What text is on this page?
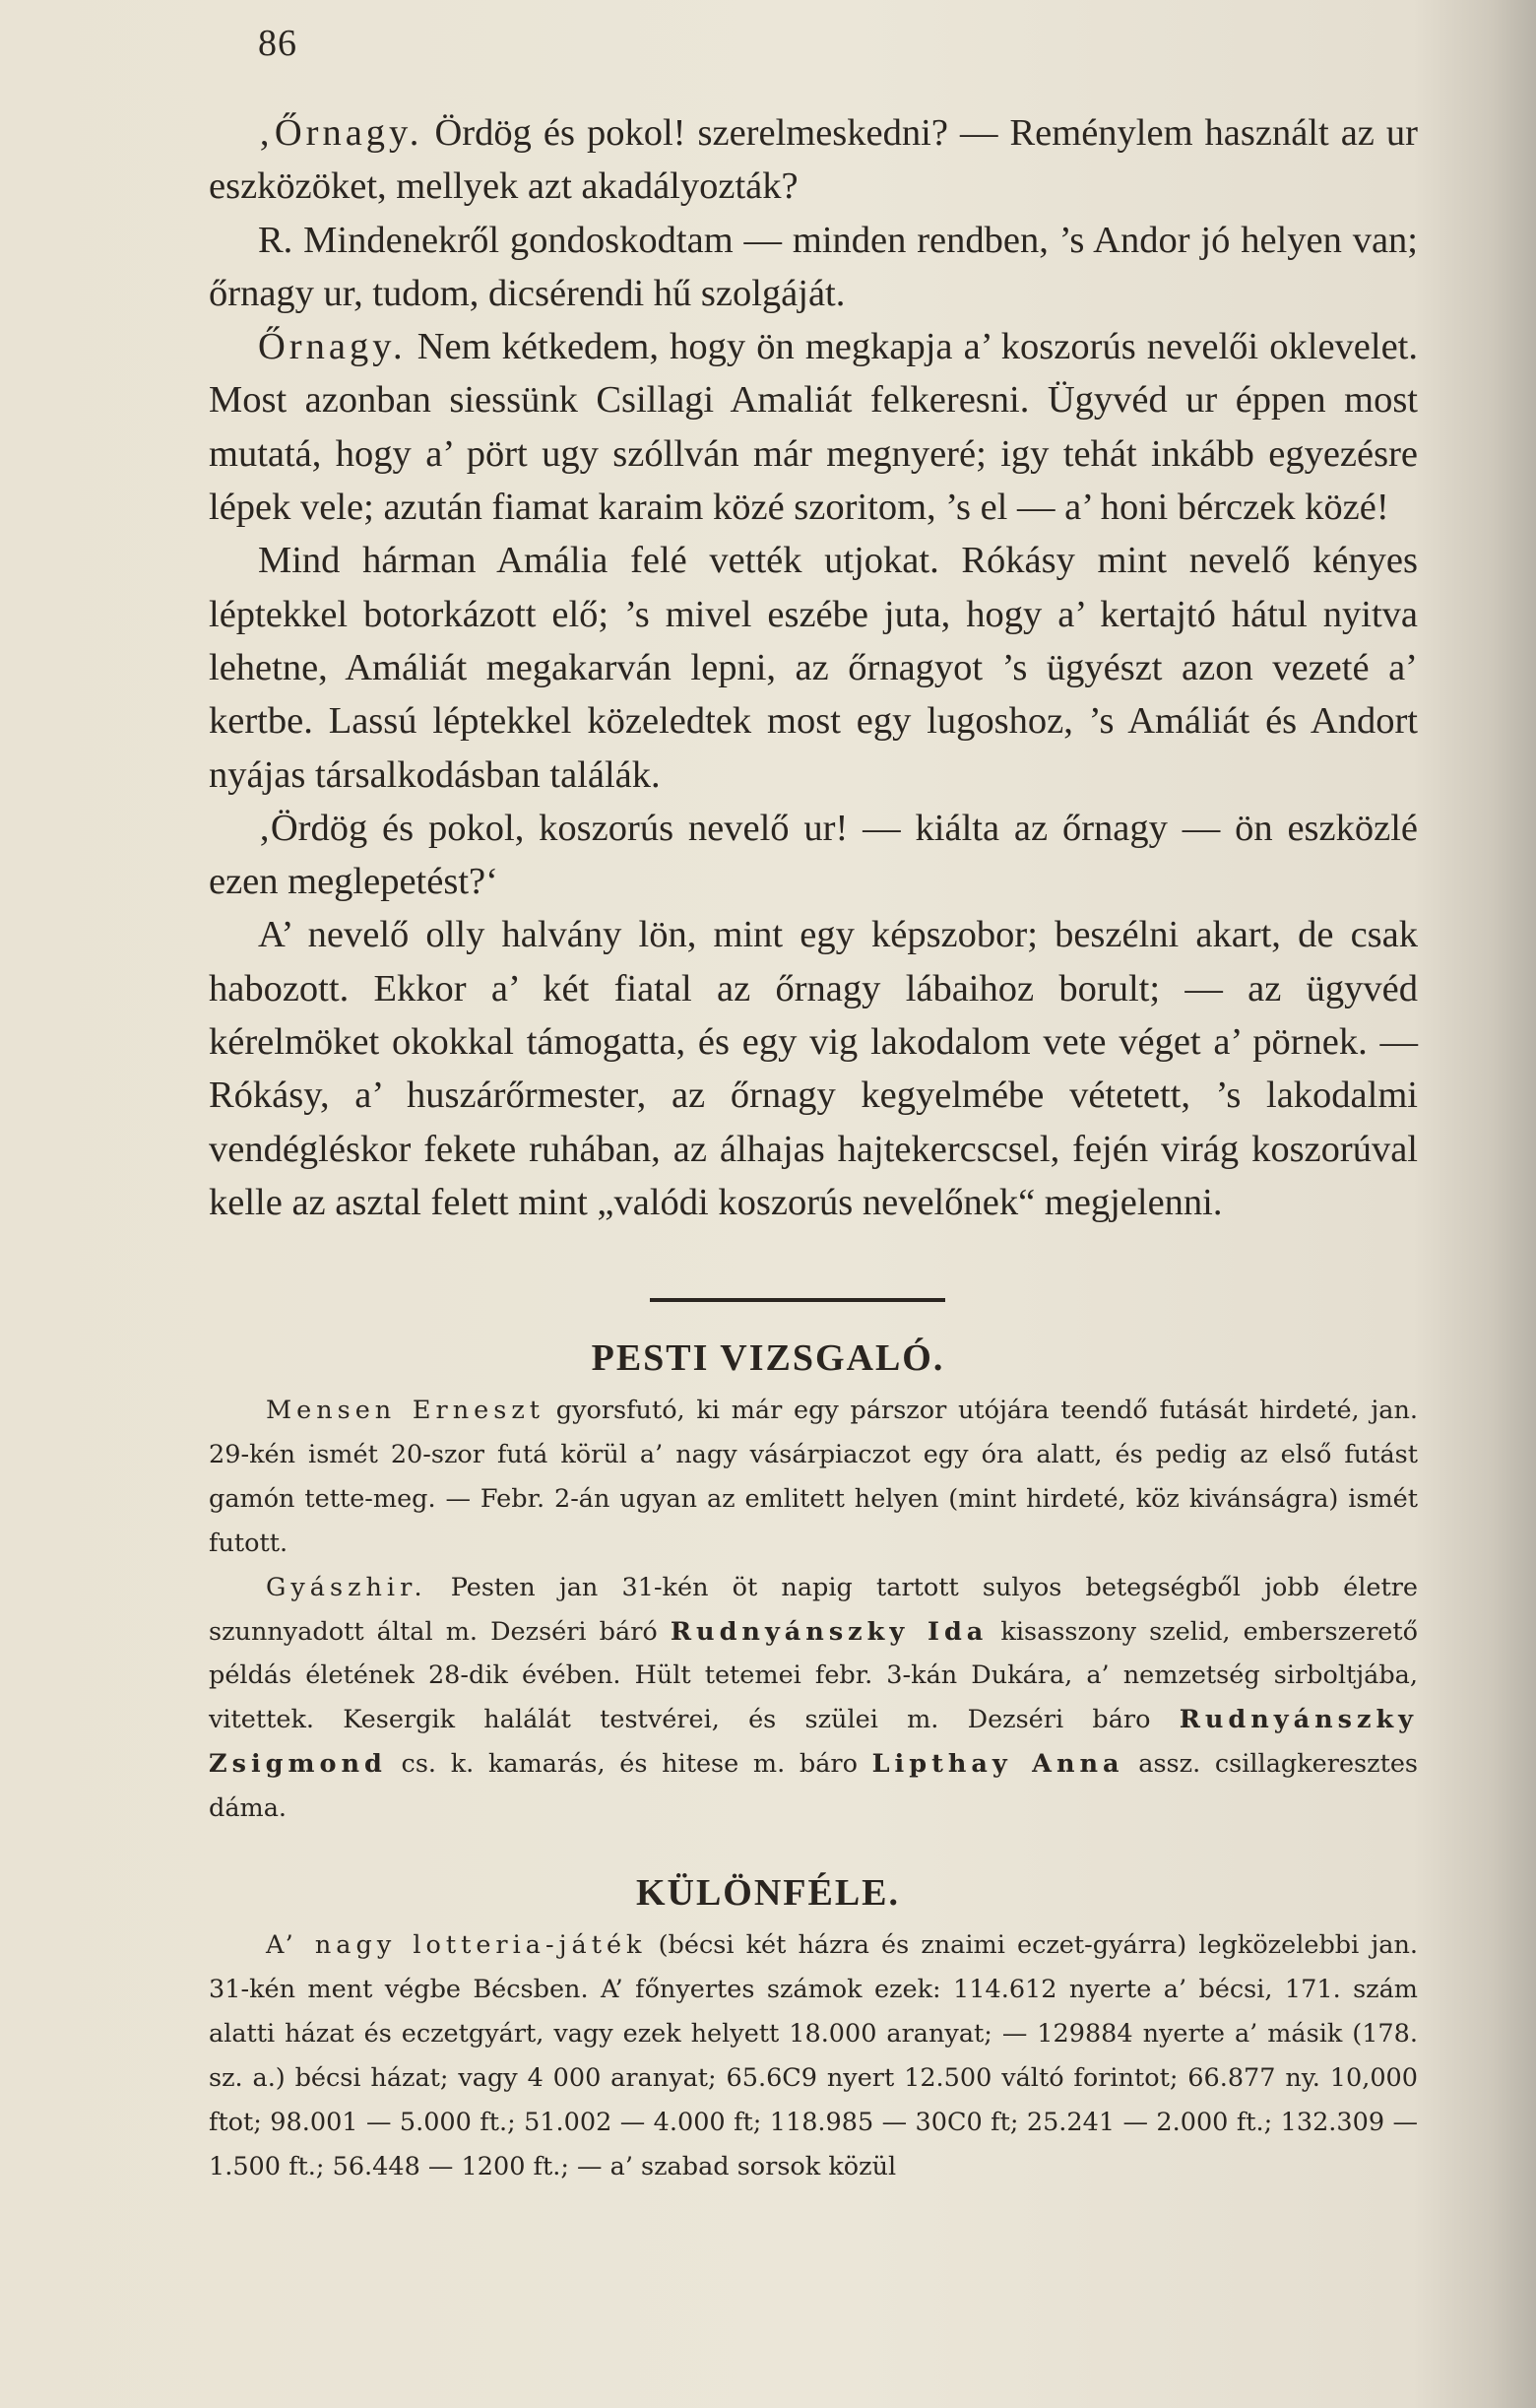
86

‚Őrnagy. Ördög és pokol! szerelmeskedni? — Reménylem használt az ur eszközöket, mellyek azt akadályozták?

R. Mindenekről gondoskodtam — minden rendben, ’s Andor jó helyen van; őrnagy ur, tudom, dicsérendi hű szolgáját.

Őrnagy. Nem kétkedem, hogy ön megkapja a’ koszorús nevelői oklevelet. Most azonban siessünk Csillagi Amaliát felkeresni. Ügyvéd ur éppen most mutatá, hogy a’ pört ugy szóllván már megnyeré; igy tehát inkább egyezésre lépek vele; azután fiamat karaim közé szoritom, ’s el — a’ honi bérczek közé!

Mind hárman Amália felé vették utjokat. Rókásy mint nevelő kényes léptekkel botorkázott elő; ’s mivel eszébe juta, hogy a’ kertajtó hátul nyitva lehetne, Amáliát megakarván lepni, az őrnagyot ’s ügyészt azon vezeté a’ kertbe. Lassú léptekkel közeledtek most egy lugoshoz, ’s Amáliát és Andort nyájas társalkodásban találák.

‚Ördög és pokol, koszorús nevelő ur! — kiálta az őrnagy — ön eszközlé ezen meglepetést?‘

A’ nevelő olly halvány lön, mint egy képszobor; beszélni akart, de csak habozott. Ekkor a’ két fiatal az őrnagy lábaihoz borult; — az ügyvéd kérelmöket okokkal támogatta, és egy vig lakodalom vete véget a’ pörnek. — Rókásy, a’ huszárőrmester, az őrnagy kegyelmébe vétetett, ’s lakodalmi vendégléskor fekete ruhában, az álhajas hajtekercscsel, fején virág koszorúval kelle az asztal felett mint „valódi koszorús nevelőnek“ megjelenni.

PESTI VIZSGALÓ.

Mensen Erneszt gyorsfutó, ki már egy párszor utójára teendő futását hirdeté, jan. 29-kén ismét 20-szor futá körül a’ nagy vásárpiaczot egy óra alatt, és pedig az első futást gamón tette-meg. — Febr. 2-án ugyan az emlitett helyen (mint hirdeté, köz kivánságra) ismét futott.

Gyászhir. Pesten jan 31-kén öt napig tartott sulyos betegségből jobb életre szunnyadott által m. Dezséri báró Rudnyánszky Ida kisasszony szelid, emberszerető példás életének 28-dik évében. Hült tetemei febr. 3-kán Dukára, a’ nemzetség sirboltjába, vitettek. Kesergik halálát testvérei, és szülei m. Dezséri báro Rudnyánszky Zsigmond cs. k. kamarás, és hitese m. báro Lipthay Anna assz. csillagkeresztes dáma.

KÜLÖNFÉLE.

A’ nagy lotteria-játék (bécsi két házra és znaimi eczet-gyárra) legközelebbi jan. 31-kén ment végbe Bécsben. A’ főnyertes számok ezek: 114.612 nyerte a’ bécsi, 171. szám alatti házat és eczetgyárt, vagy ezek helyett 18.000 aranyat; — 129884 nyerte a’ másik (178. sz. a.) bécsi házat; vagy 4 000 aranyat; 65.6C9 nyert 12.500 váltó forintot; 66.877 ny. 10,000 ftot; 98.001 — 5.000 ft.; 51.002 — 4.000 ft; 118.985 — 30C0 ft; 25.241 — 2.000 ft.; 132.309 — 1.500 ft.; 56.448 — 1200 ft.; — a’ szabad sorsok közül
